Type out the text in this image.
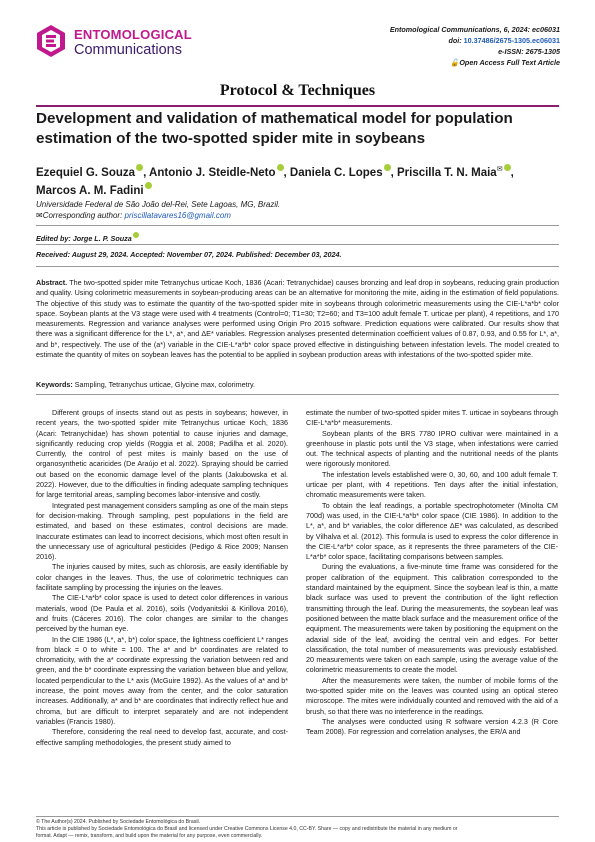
ENTOMOLOGICAL
Communications
Entomological Communications, 6, 2024: ec06031
doi: 10.37486/2675-1305.ec06031
e-ISSN: 2675-1305
🔓Open Access Full Text Article
Protocol & Techniques
Development and validation of mathematical model for population estimation of the two-spotted spider mite in soybeans
Ezequiel G. Souza , Antonio J. Steidle-Neto , Daniela C. Lopes , Priscilla T. N. Maia✉ ,
Marcos A. M. Fadini
Universidade Federal de São João del-Rei, Sete Lagoas, MG, Brazil.
✉Corresponding author: priscillatavares16@gmail.com
Edited by: Jorge L. P. Souza
Received: August 29, 2024. Accepted: November 07, 2024. Published: December 03, 2024.
Abstract. The two-spotted spider mite Tetranychus urticae Koch, 1836 (Acari: Tetranychidae) causes bronzing and leaf drop in soybeans, reducing grain production and quality. Using colorimetric measurements in soybean-producing areas can be an alternative for monitoring the mite, aiding in the estimation of field populations. The objective of this study was to estimate the quantity of the two-spotted spider mite in soybeans through colorimetric measurements using the CIE-L*a*b* color space. Soybean plants at the V3 stage were used with 4 treatments (Control=0; T1=30; T2=60; and T3=100 adult female T. urticae per plant), 4 repetitions, and 170 measurements. Regression and variance analyses were performed using Origin Pro 2015 software. Prediction equations were calibrated. Our results show that there was a significant difference for the L*, a*, and ΔE* variables. Regression analyses presented determination coefficient values of 0.87, 0.93, and 0.55 for L*, a*, and b*, respectively. The use of the (a*) variable in the CIE-L*a*b* color space proved effective in distinguishing between infestation levels. The model created to estimate the quantity of mites on soybean leaves has the potential to be applied in soybean production areas with infestations of the two-spotted spider mite.
Keywords: Sampling, Tetranychus urticae, Glycine max, colorimetry.

Different groups of insects stand out as pests in soybeans; however, in recent years, the two-spotted spider mite Tetranychus urticae Koch, 1836 (Acari: Tetranychidae) has shown potential to cause injuries and damage, significantly reducing crop yields (Roggia et al. 2008; Padilha et al. 2020). Currently, the control of pest mites is mainly based on the use of organosynthetic acaricides (De Araújo et al. 2022). Spraying should be carried out based on the economic damage level of the plants (Jakubowska et al. 2022). However, due to the difficulties in finding adequate sampling techniques for large territorial areas, sampling becomes labor-intensive and costly.

Integrated pest management considers sampling as one of the main steps for decision-making. Through sampling, pest populations in the field are estimated, and based on these estimates, control decisions are made. Inaccurate estimates can lead to incorrect decisions, which most often result in the unnecessary use of agricultural pesticides (Pedigo & Rice 2009; Nansen 2016).

The injuries caused by mites, such as chlorosis, are easily identifiable by color changes in the leaves. Thus, the use of colorimetric techniques can facilitate sampling by processing the injuries on the leaves.

The CIE-L*a*b* color space is used to detect color differences in various materials, wood (De Paula et al. 2016), soils (Vodyanitskii & Kirillova 2016), and fruits (Cáceres 2016). The color changes are similar to the changes perceived by the human eye.

In the CIE 1986 (L*, a*, b*) color space, the lightness coefficient L* ranges from black = 0 to white = 100. The a* and b* coordinates are related to chromaticity, with the a* coordinate expressing the variation between red and green, and the b* coordinate expressing the variation between blue and yellow, located perpendicular to the L* axis (McGuire 1992). As the values of a* and b* increase, the point moves away from the center, and the color saturation increases. Additionally, a* and b* are coordinates that indirectly reflect hue and chroma, but are difficult to interpret separately and are not independent variables (Francis 1980).

Therefore, considering the real need to develop fast, accurate, and cost-effective sampling methodologies, the present study aimed to

estimate the number of two-spotted spider mites T. urticae in soybeans through CIE-L*a*b* measurements.

Soybean plants of the BRS 7780 IPRO cultivar were maintained in a greenhouse in plastic pots until the V3 stage, when infestations were carried out. The technical aspects of planting and the nutritional needs of the plants were rigorously monitored.

The infestation levels established were 0, 30, 60, and 100 adult female T. urticae per plant, with 4 repetitions. Ten days after the initial infestation, chromatic measurements were taken.

To obtain the leaf readings, a portable spectrophotometer (Minolta CM 700d) was used, in the CIE-L*a*b* color space (CIE 1986). In addition to the L*, a*, and b* variables, the color difference ΔE* was calculated, as described by Vilhalva et al. (2012). This formula is used to express the color difference in the CIE-L*a*b* color space, as it represents the three parameters of the CIE-L*a*b* color space, facilitating comparisons between samples.

During the evaluations, a five-minute time frame was considered for the proper calibration of the equipment. This calibration corresponded to the standard maintained by the equipment. Since the soybean leaf is thin, a matte black surface was used to prevent the contribution of the light reflection transmitting through the leaf. During the measurements, the soybean leaf was positioned between the matte black surface and the measurement orifice of the equipment. The measurements were taken by positioning the equipment on the adaxial side of the leaf, avoiding the central vein and edges. For better classification, the total number of measurements was previously established. 20 measurements were taken on each sample, using the average value of the colorimetric measurements to create the model.

After the measurements were taken, the number of mobile forms of the two-spotted spider mite on the leaves was counted using an optical stereo microscope. The mites were individually counted and removed with the aid of a brush, so that there was no interference in the readings.

The analyses were conducted using R software version 4.2.3 (R Core Team 2008). For regression and correlation analyses, the ER/A and

© The Author(s) 2024. Published by Sociedade Entomológica do Brasil.
This article is published by Sociedade Entomológica do Brasil and licensed under Creative Commons License 4.0, CC-BY. Share — copy and redistribute the material in any medium or
format. Adapt — remix, transform, and build upon the material for any purpose, even commercially.
